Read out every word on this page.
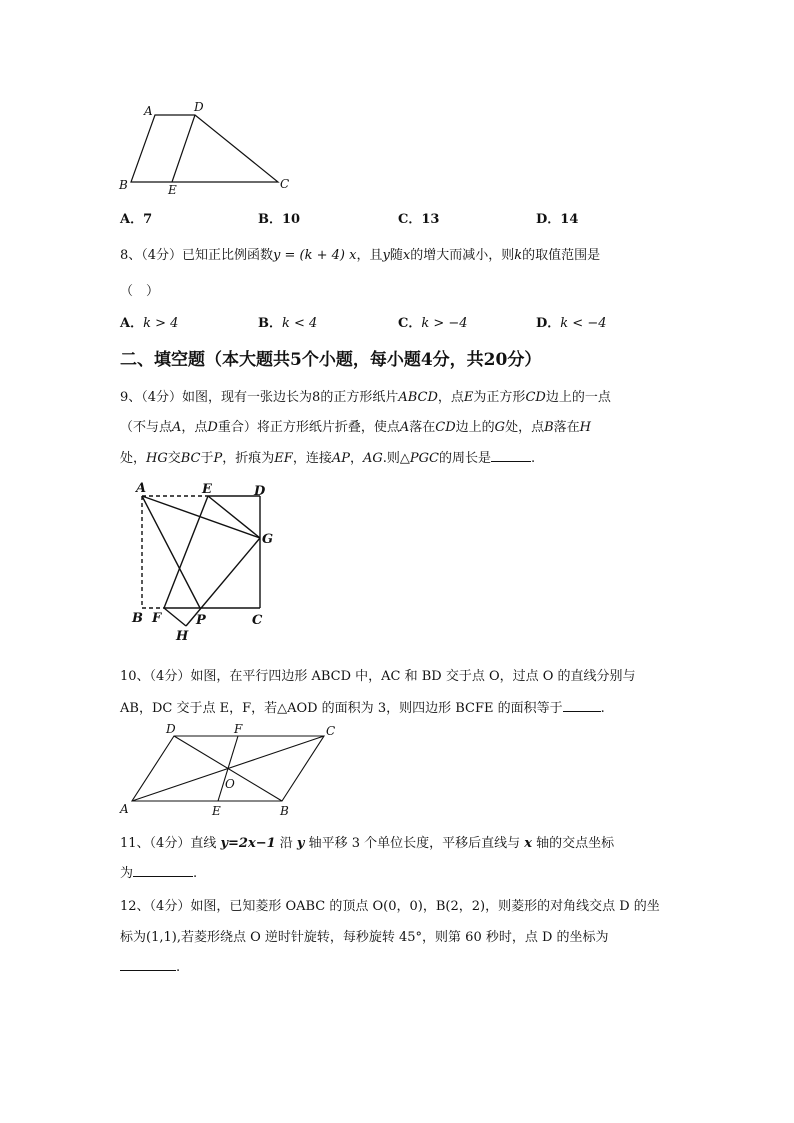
A	D
B	E	C
A．7	B．10	C．13	D．14
8、（4分）已知正比例函数y = (k + 4) x，且y随x的增大而减小，则k的取值范围是
（　）
A．k > 4	B．k < 4	C．k > −4	D．k < −4
二、填空题（本大题共5个小题，每小题4分，共20分）
9、（4分）如图，现有一张边长为8的正方形纸片ABCD，点E为正方形CD边上的一点
（不与点A，点D重合）将正方形纸片折叠，使点A落在CD边上的G处，点B落在H
处，HG交BC于P，折痕为EF，连接AP，AG.则△PGC的周长是	.
A	E	D
G
B F	P	C
H
10、（4分）如图，在平行四边形 ABCD 中，AC 和 BD 交于点 O，过点 O 的直线分别与
AB，DC 交于点 E，F，若△AOD 的面积为 3，则四边形 BCFE 的面积等于	.
D	F	C
O
A	E	B
11、（4分）直线 y=2x−1 沿 y 轴平移 3 个单位长度，平移后直线与 x 轴的交点坐标
为	.
12、（4分）如图，已知菱形 OABC 的顶点 O(0，0)，B(2，2)，则菱形的对角线交点 D 的坐
标为(1,1),若菱形绕点 O 逆时针旋转，每秒旋转 45°，则第 60 秒时，点 D 的坐标为
.
